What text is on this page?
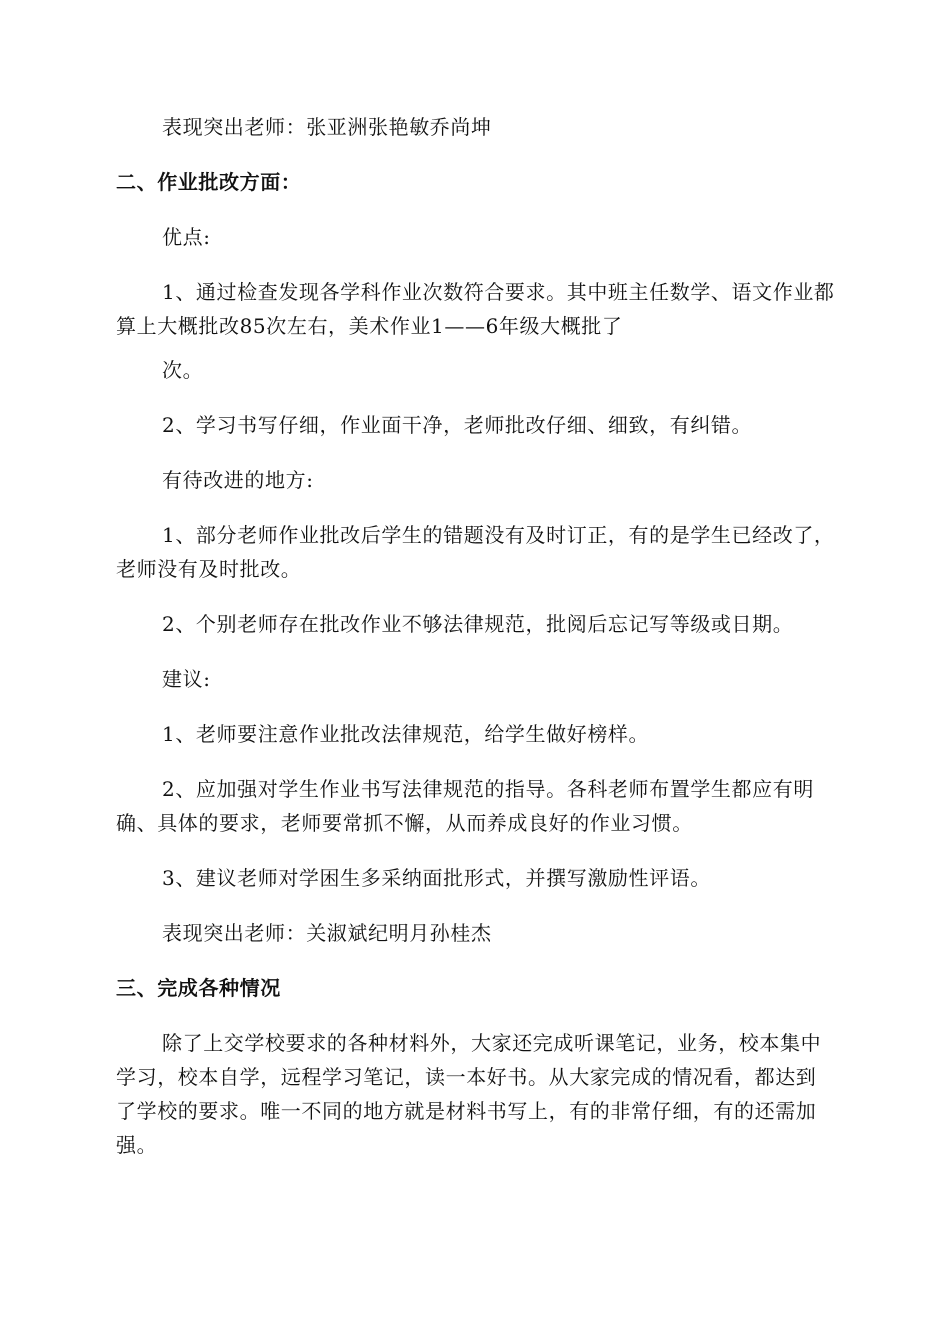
表现突出老师：张亚洲张艳敏乔尚坤

二、作业批改方面：

优点:

1、通过检查发现各学科作业次数符合要求。其中班主任数学、语文作业都算上大概批改85次左右，美术作业1——6年级大概批了

次。

2、学习书写仔细，作业面干净，老师批改仔细、细致，有纠错。

有待改进的地方:

1、部分老师作业批改后学生的错题没有及时订正，有的是学生已经改了，老师没有及时批改。

2、个别老师存在批改作业不够法律规范，批阅后忘记写等级或日期。

建议:

1、老师要注意作业批改法律规范，给学生做好榜样。

2、应加强对学生作业书写法律规范的指导。各科老师布置学生都应有明确、具体的要求，老师要常抓不懈，从而养成良好的作业习惯。

3、建议老师对学困生多采纳面批形式，并撰写激励性评语。

表现突出老师：关淑斌纪明月孙桂杰

三、完成各种情况

除了上交学校要求的各种材料外，大家还完成听课笔记，业务，校本集中学习，校本自学，远程学习笔记，读一本好书。从大家完成的情况看，都达到了学校的要求。唯一不同的地方就是材料书写上，有的非常仔细，有的还需加强。
